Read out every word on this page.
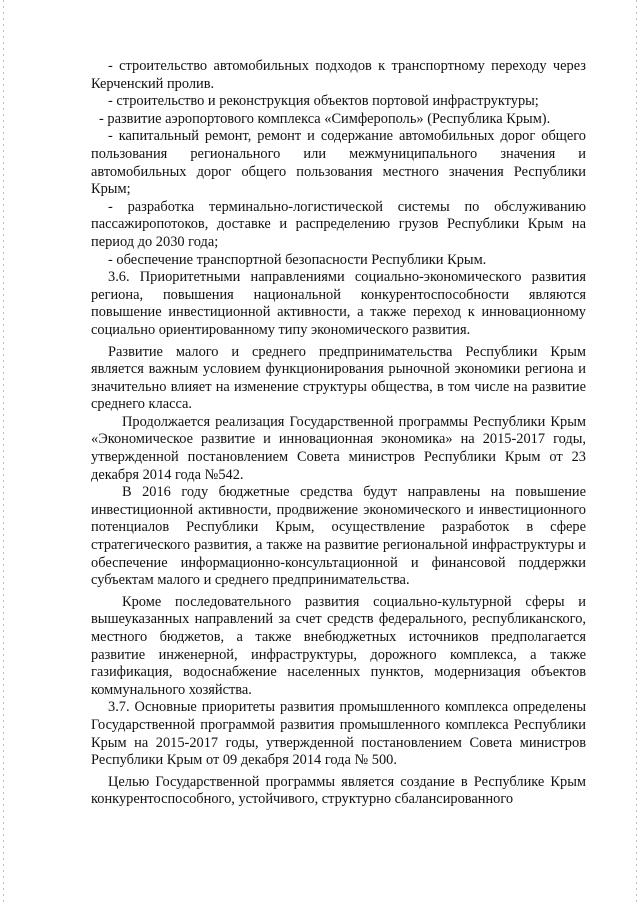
- строительство автомобильных подходов к транспортному переходу через Керченский пролив.

- строительство и реконструкция объектов портовой инфраструктуры;

- развитие аэропортового комплекса «Симферополь» (Республика Крым).

- капитальный ремонт, ремонт и содержание автомобильных дорог общего пользования регионального или межмуниципального значения и автомобильных дорог общего пользования местного значения Республики Крым;

- разработка терминально-логистической системы по обслуживанию пассажиропотоков, доставке и распределению грузов Республики Крым на период до 2030 года;

- обеспечение транспортной безопасности Республики Крым.

3.6. Приоритетными направлениями социально-экономического развития региона, повышения национальной конкурентоспособности являются повышение инвестиционной активности, а также переход к инновационному социально ориентированному типу экономического развития.

Развитие малого и среднего предпринимательства Республики Крым является важным условием функционирования рыночной экономики региона и значительно влияет на изменение структуры общества, в том числе на развитие среднего класса.

Продолжается реализация Государственной программы Республики Крым «Экономическое развитие и инновационная экономика» на 2015-2017 годы, утвержденной постановлением Совета министров Республики Крым от 23 декабря 2014 года №542.

В 2016 году бюджетные средства будут направлены на повышение инвестиционной активности, продвижение экономического и инвестиционного потенциалов Республики Крым, осуществление разработок в сфере стратегического развития, а также на развитие региональной инфраструктуры и обеспечение информационно-консультационной и финансовой поддержки субъектам малого и среднего предпринимательства.

Кроме последовательного развития социально-культурной сферы и вышеуказанных направлений за счет средств федерального, республиканского, местного бюджетов, а также внебюджетных источников предполагается развитие инженерной, инфраструктуры, дорожного комплекса, а также газификация, водоснабжение населенных пунктов, модернизация объектов коммунального хозяйства.

3.7. Основные приоритеты развития промышленного комплекса определены Государственной программой развития промышленного комплекса Республики Крым на 2015-2017 годы, утвержденной постановлением Совета министров Республики Крым от 09 декабря 2014 года № 500.

Целью Государственной программы является создание в Республике Крым конкурентоспособного, устойчивого, структурно сбалансированного
